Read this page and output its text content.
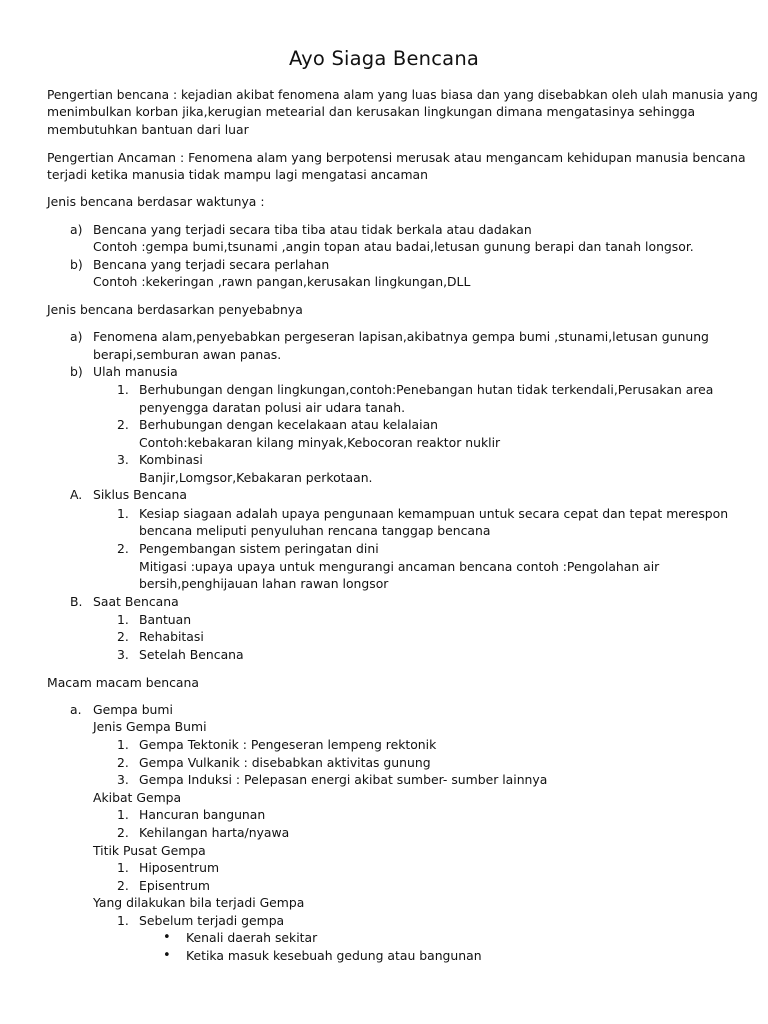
Ayo Siaga Bencana
Pengertian bencana : kejadian akibat fenomena alam yang luas biasa dan yang disebabkan oleh ulah manusia yang
menimbulkan korban jika,kerugian metearial dan kerusakan lingkungan dimana mengatasinya sehingga
membutuhkan bantuan dari luar
Pengertian Ancaman : Fenomena alam yang berpotensi merusak atau mengancam kehidupan manusia bencana
terjadi ketika manusia tidak mampu lagi mengatasi ancaman
Jenis bencana berdasar waktunya :
a) Bencana yang terjadi secara tiba tiba atau tidak berkala atau dadakan
Contoh :gempa bumi,tsunami ,angin topan atau badai,letusan gunung berapi dan tanah longsor.
b) Bencana yang terjadi secara perlahan
Contoh :kekeringan ,rawn pangan,kerusakan lingkungan,DLL
Jenis bencana berdasarkan penyebabnya
a) Fenomena alam,penyebabkan pergeseran lapisan,akibatnya gempa bumi ,stunami,letusan gunung
berapi,semburan awan panas.
b) Ulah manusia
1. Berhubungan dengan lingkungan,contoh:Penebangan hutan tidak terkendali,Perusakan area
penyengga daratan polusi air udara tanah.
2. Berhubungan dengan kecelakaan atau kelalaian
Contoh:kebakaran kilang minyak,Kebocoran reaktor nuklir
3. Kombinasi
Banjir,Lomgsor,Kebakaran perkotaan.
A. Siklus Bencana
1. Kesiap siagaan adalah upaya pengunaan kemampuan untuk secara cepat dan tepat merespon
bencana meliputi penyuluhan rencana tanggap bencana
2. Pengembangan sistem peringatan dini
Mitigasi :upaya upaya untuk mengurangi ancaman bencana contoh :Pengolahan air
bersih,penghijauan lahan rawan longsor
B. Saat Bencana
1. Bantuan
2. Rehabitasi
3. Setelah Bencana
Macam macam bencana
a. Gempa bumi
Jenis Gempa Bumi
1. Gempa Tektonik : Pengeseran lempeng rektonik
2. Gempa Vulkanik : disebabkan aktivitas gunung
3. Gempa Induksi : Pelepasan energi akibat sumber- sumber lainnya
Akibat Gempa
1. Hancuran bangunan
2. Kehilangan harta/nyawa
Titik Pusat Gempa
1. Hiposentrum
2. Episentrum
Yang dilakukan bila terjadi Gempa
1. Sebelum terjadi gempa
• Kenali daerah sekitar
• Ketika masuk kesebuah gedung atau bangunan
